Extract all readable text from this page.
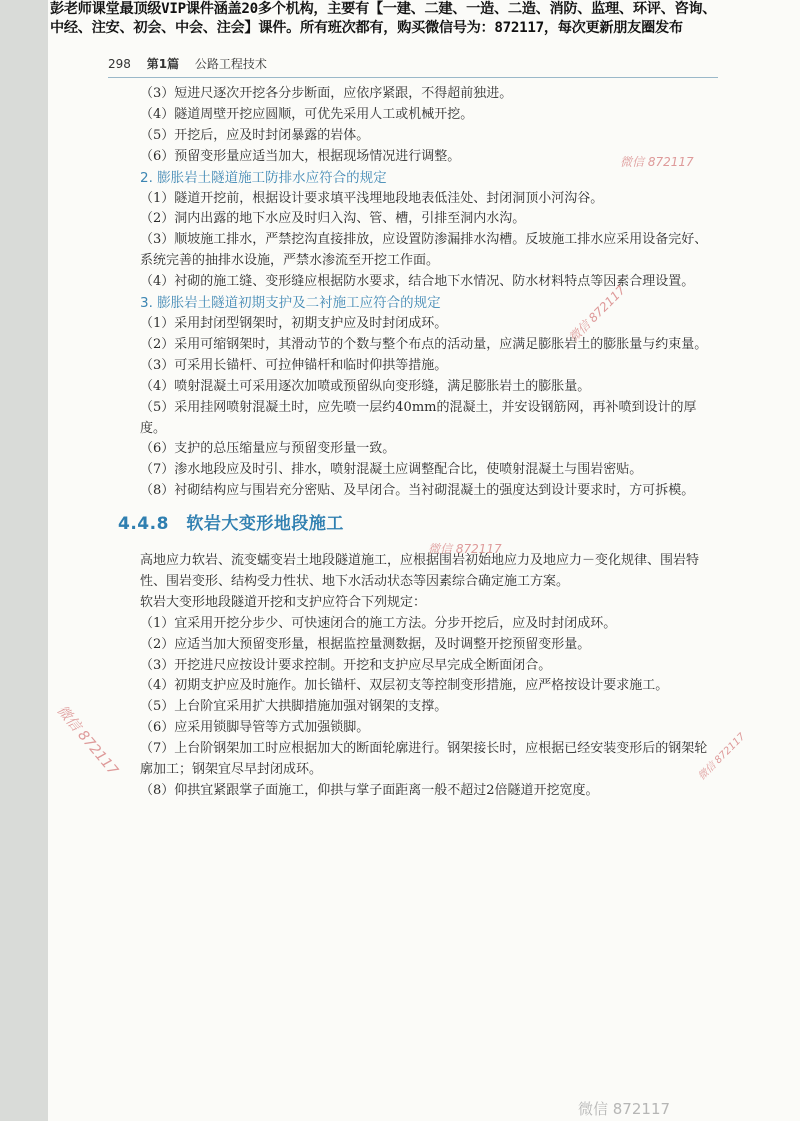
彭老师课堂最顶级VIP课件涵盖20多个机构，主要有【一建、二建、一造、二造、消防、监理、环评、咨询、
中经、注安、初会、中会、注会】课件。所有班次都有，购买微信号为：872117，每次更新朋友圈发布
298 第1篇 公路工程技术
（3）短进尺逐次开挖各分步断面，应依序紧跟，不得超前独进。
（4）隧道周壁开挖应圆顺，可优先采用人工或机械开挖。
（5）开挖后，应及时封闭暴露的岩体。
（6）预留变形量应适当加大，根据现场情况进行调整。
2. 膨胀岩土隧道施工防排水应符合的规定
（1）隧道开挖前，根据设计要求填平浅埋地段地表低洼处、封闭洞顶小河沟谷。
（2）洞内出露的地下水应及时归入沟、管、槽，引排至洞内水沟。
（3）顺坡施工排水，严禁挖沟直接排放，应设置防渗漏排水沟槽。反坡施工排水应采用设备完好、系统完善的抽排水设施，严禁水渗流至开挖工作面。
（4）衬砌的施工缝、变形缝应根据防水要求，结合地下水情况、防水材料特点等因素合理设置。
3. 膨胀岩土隧道初期支护及二衬施工应符合的规定
（1）采用封闭型钢架时，初期支护应及时封闭成环。
（2）采用可缩钢架时，其滑动节的个数与整个布点的活动量，应满足膨胀岩土的膨胀量与约束量。
（3）可采用长锚杆、可拉伸锚杆和临时仰拱等措施。
（4）喷射混凝土可采用逐次加喷或预留纵向变形缝，满足膨胀岩土的膨胀量。
（5）采用挂网喷射混凝土时，应先喷一层约40mm的混凝土，并安设钢筋网，再补喷到设计的厚度。
（6）支护的总压缩量应与预留变形量一致。
（7）渗水地段应及时引、排水，喷射混凝土应调整配合比，使喷射混凝土与围岩密贴。
（8）衬砌结构应与围岩充分密贴、及早闭合。当衬砌混凝土的强度达到设计要求时，方可拆模。
4.4.8　软岩大变形地段施工
高地应力软岩、流变蠕变岩土地段隧道施工，应根据围岩初始地应力及地应力－变化规律、围岩特性、围岩变形、结构受力性状、地下水活动状态等因素综合确定施工方案。
软岩大变形地段隧道开挖和支护应符合下列规定：
（1）宜采用开挖分步少、可快速闭合的施工方法。分步开挖后，应及时封闭成环。
（2）应适当加大预留变形量，根据监控量测数据，及时调整开挖预留变形量。
（3）开挖进尺应按设计要求控制。开挖和支护应尽早完成全断面闭合。
（4）初期支护应及时施作。加长锚杆、双层初支等控制变形措施，应严格按设计要求施工。
（5）上台阶宜采用扩大拱脚措施加强对钢架的支撑。
（6）应采用锁脚导管等方式加强锁脚。
（7）上台阶钢架加工时应根据加大的断面轮廓进行。钢架接长时，应根据已经安装变形后的钢架轮廓加工；钢架宜尽早封闭成环。
（8）仰拱宜紧跟掌子面施工，仰拱与掌子面距离一般不超过2倍隧道开挖宽度。
微信 872117
微信 872117
微信 872117
微信 872117	微信 872117
微信 872117
